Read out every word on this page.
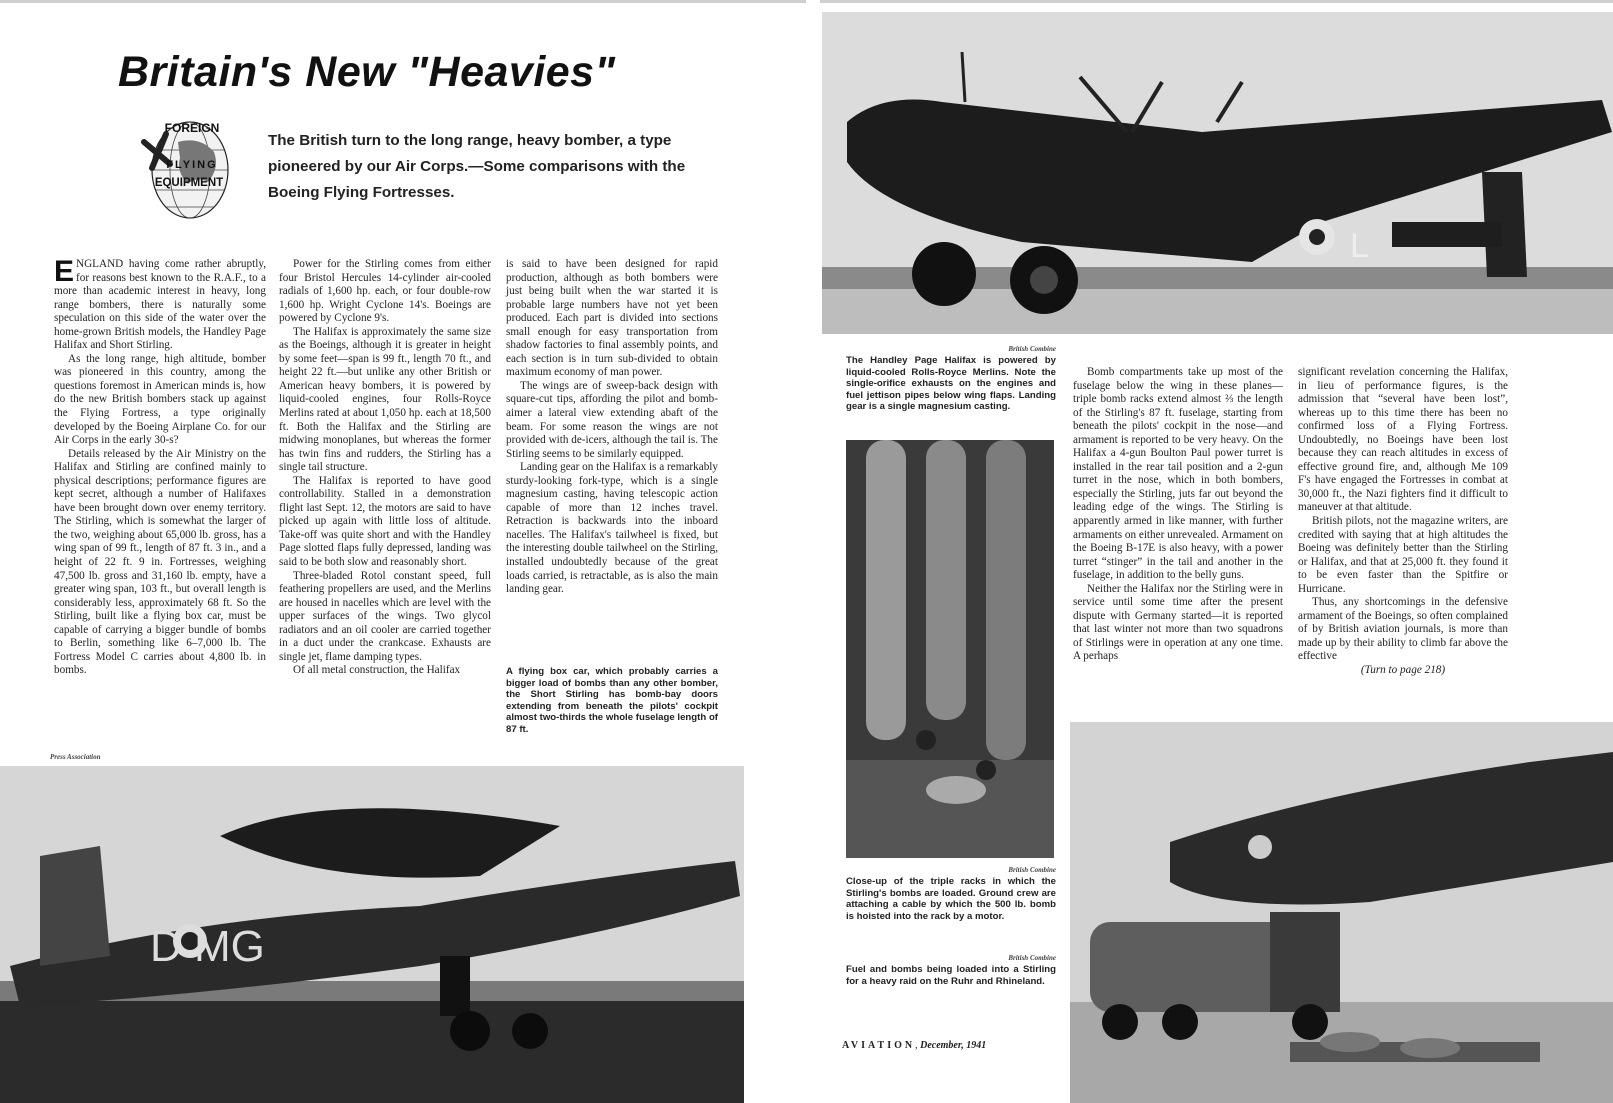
Britain's New "Heavies"
FOREIGN
FLYING
EQUIPMENT
The British turn to the long range, heavy bomber, a type pioneered by our Air Corps.—Some comparisons with the Boeing Flying Fortresses.

ENGLAND having come rather abruptly, for reasons best known to the R.A.F., to a more than academic interest in heavy, long range bombers, there is naturally some speculation on this side of the water over the home-grown British models, the Handley Page Halifax and Short Stirling.

As the long range, high altitude, bomber was pioneered in this country, among the questions foremost in American minds is, how do the new British bombers stack up against the Flying Fortress, a type originally developed by the Boeing Airplane Co. for our Air Corps in the early 30-s?

Details released by the Air Ministry on the Halifax and Stirling are confined mainly to physical descriptions; performance figures are kept secret, although a number of Halifaxes have been brought down over enemy territory. The Stirling, which is somewhat the larger of the two, weighing about 65,000 lb. gross, has a wing span of 99 ft., length of 87 ft. 3 in., and a height of 22 ft. 9 in. Fortresses, weighing 47,500 lb. gross and 31,160 lb. empty, have a greater wing span, 103 ft., but overall length is considerably less, approximately 68 ft. So the Stirling, built like a flying box car, must be capable of carrying a bigger bundle of bombs to Berlin, something like 6–7,000 lb. The Fortress Model C carries about 4,800 lb. in bombs.

Power for the Stirling comes from either four Bristol Hercules 14-cylinder air-cooled radials of 1,600 hp. each, or four double-row 1,600 hp. Wright Cyclone 14's. Boeings are powered by Cyclone 9's.

The Halifax is approximately the same size as the Boeings, although it is greater in height by some feet—span is 99 ft., length 70 ft., and height 22 ft.—but unlike any other British or American heavy bombers, it is powered by liquid-cooled engines, four Rolls-Royce Merlins rated at about 1,050 hp. each at 18,500 ft. Both the Halifax and the Stirling are midwing monoplanes, but whereas the former has twin fins and rudders, the Stirling has a single tail structure.

The Halifax is reported to have good controllability. Stalled in a demonstration flight last Sept. 12, the motors are said to have picked up again with little loss of altitude. Take-off was quite short and with the Handley Page slotted flaps fully depressed, landing was said to be both slow and reasonably short.

Three-bladed Rotol constant speed, full feathering propellers are used, and the Merlins are housed in nacelles which are level with the upper surfaces of the wings. Two glycol radiators and an oil cooler are carried together in a duct under the crankcase. Exhausts are single jet, flame damping types.

Of all metal construction, the Halifax

is said to have been designed for rapid production, although as both bombers were just being built when the war started it is probable large numbers have not yet been produced. Each part is divided into sections small enough for easy transportation from shadow factories to final assembly points, and each section is in turn sub-divided to obtain maximum economy of man power.

The wings are of sweep-back design with square-cut tips, affording the pilot and bomb-aimer a lateral view extending abaft of the beam. For some reason the wings are not provided with de-icers, although the tail is. The Stirling seems to be similarly equipped.

Landing gear on the Halifax is a remarkably sturdy-looking fork-type, which is a single magnesium casting, having telescopic action capable of more than 12 inches travel. Retraction is backwards into the inboard nacelles. The Halifax's tailwheel is fixed, but the interesting double tailwheel on the Stirling, installed undoubtedly because of the great loads carried, is retractable, as is also the main landing gear.

A flying box car, which probably carries a bigger load of bombs than any other bomber, the Short Stirling has bomb-bay doors extending from beneath the pilots' cockpit almost two-thirds the whole fuselage length of 87 ft.
Press Association
D MG
L L9530
British Combine
The Handley Page Halifax is powered by liquid-cooled Rolls-Royce Merlins. Note the single-orifice exhausts on the engines and fuel jettison pipes below wing flaps. Landing gear is a single magnesium casting.
British Combine
Close-up of the triple racks in which the Stirling's bombs are loaded. Ground crew are attaching a cable by which the 500 lb. bomb is hoisted into the rack by a motor.
British Combine
Fuel and bombs being loaded into a Stirling for a heavy raid on the Ruhr and Rhineland.
AVIATION, December, 1941

Bomb compartments take up most of the fuselage below the wing in these planes—triple bomb racks extend almost ⅔ the length of the Stirling's 87 ft. fuselage, starting from beneath the pilots' cockpit in the nose—and armament is reported to be very heavy. On the Halifax a 4-gun Boulton Paul power turret is installed in the rear tail position and a 2-gun turret in the nose, which in both bombers, especially the Stirling, juts far out beyond the leading edge of the wings. The Stirling is apparently armed in like manner, with further armaments on either unrevealed. Armament on the Boeing B-17E is also heavy, with a power turret “stinger” in the tail and another in the fuselage, in addition to the belly guns.

Neither the Halifax nor the Stirling were in service until some time after the present dispute with Germany started—it is reported that last winter not more than two squadrons of Stirlings were in operation at any one time. A perhaps

significant revelation concerning the Halifax, in lieu of performance figures, is the admission that “several have been lost”, whereas up to this time there has been no confirmed loss of a Flying Fortress. Undoubtedly, no Boeings have been lost because they can reach altitudes in excess of effective ground fire, and, although Me 109 F's have engaged the Fortresses in combat at 30,000 ft., the Nazi fighters find it difficult to maneuver at that altitude.

British pilots, not the magazine writers, are credited with saying that at high altitudes the Boeing was definitely better than the Stirling or Halifax, and that at 25,000 ft. they found it to be even faster than the Spitfire or Hurricane.

Thus, any shortcomings in the defensive armament of the Boeings, so often complained of by British aviation journals, is more than made up by their ability to climb far above the effective

(Turn to page 218)
